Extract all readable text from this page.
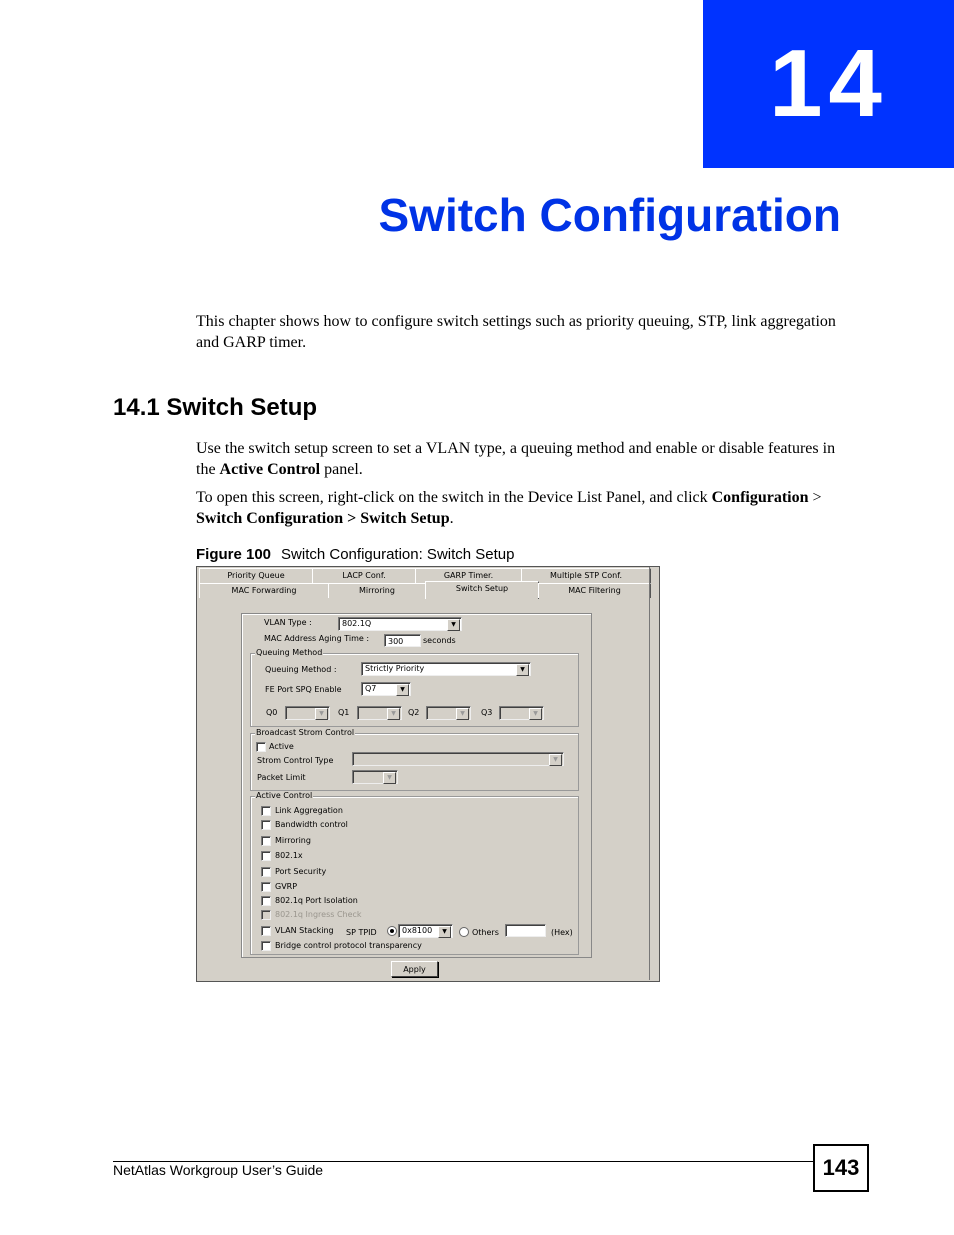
14
Switch Configuration
This chapter shows how to configure switch settings such as priority queuing, STP, link aggregation and GARP timer.
14.1 Switch Setup
Use the switch setup screen to set a VLAN type, a queuing method and enable or disable features in the Active Control panel.
To open this screen, right-click on the switch in the Device List Panel, and click Configuration > Switch Configuration > Switch Setup.
Figure 100 Switch Configuration: Switch Setup
Priority Queue	LACP Conf.	GARP Timer.	Multiple STP Conf.
MAC Forwarding	Mirroring	Switch Setup	MAC Filtering
VLAN Type :	802.1Q	▼
MAC Address Aging Time :	300	seconds
Queuing Method
Queuing Method :	Strictly Priority	▼
FE Port SPQ Enable	Q7	▼
Q0	▼	Q1	▼	Q2	▼	Q3	▼
Broadcast Strom Control
Active
Strom Control Type	▼
Packet Limit	▼
Active Control
Link Aggregation
Bandwidth control
Mirroring
802.1x
Port Security
GVRP
802.1q Port Isolation
802.1q Ingress Check
VLAN Stacking SP TPID	0x8100	▼	Others	(Hex)
Bridge control protocol transparency
Apply
NetAtlas Workgroup User’s Guide	143
